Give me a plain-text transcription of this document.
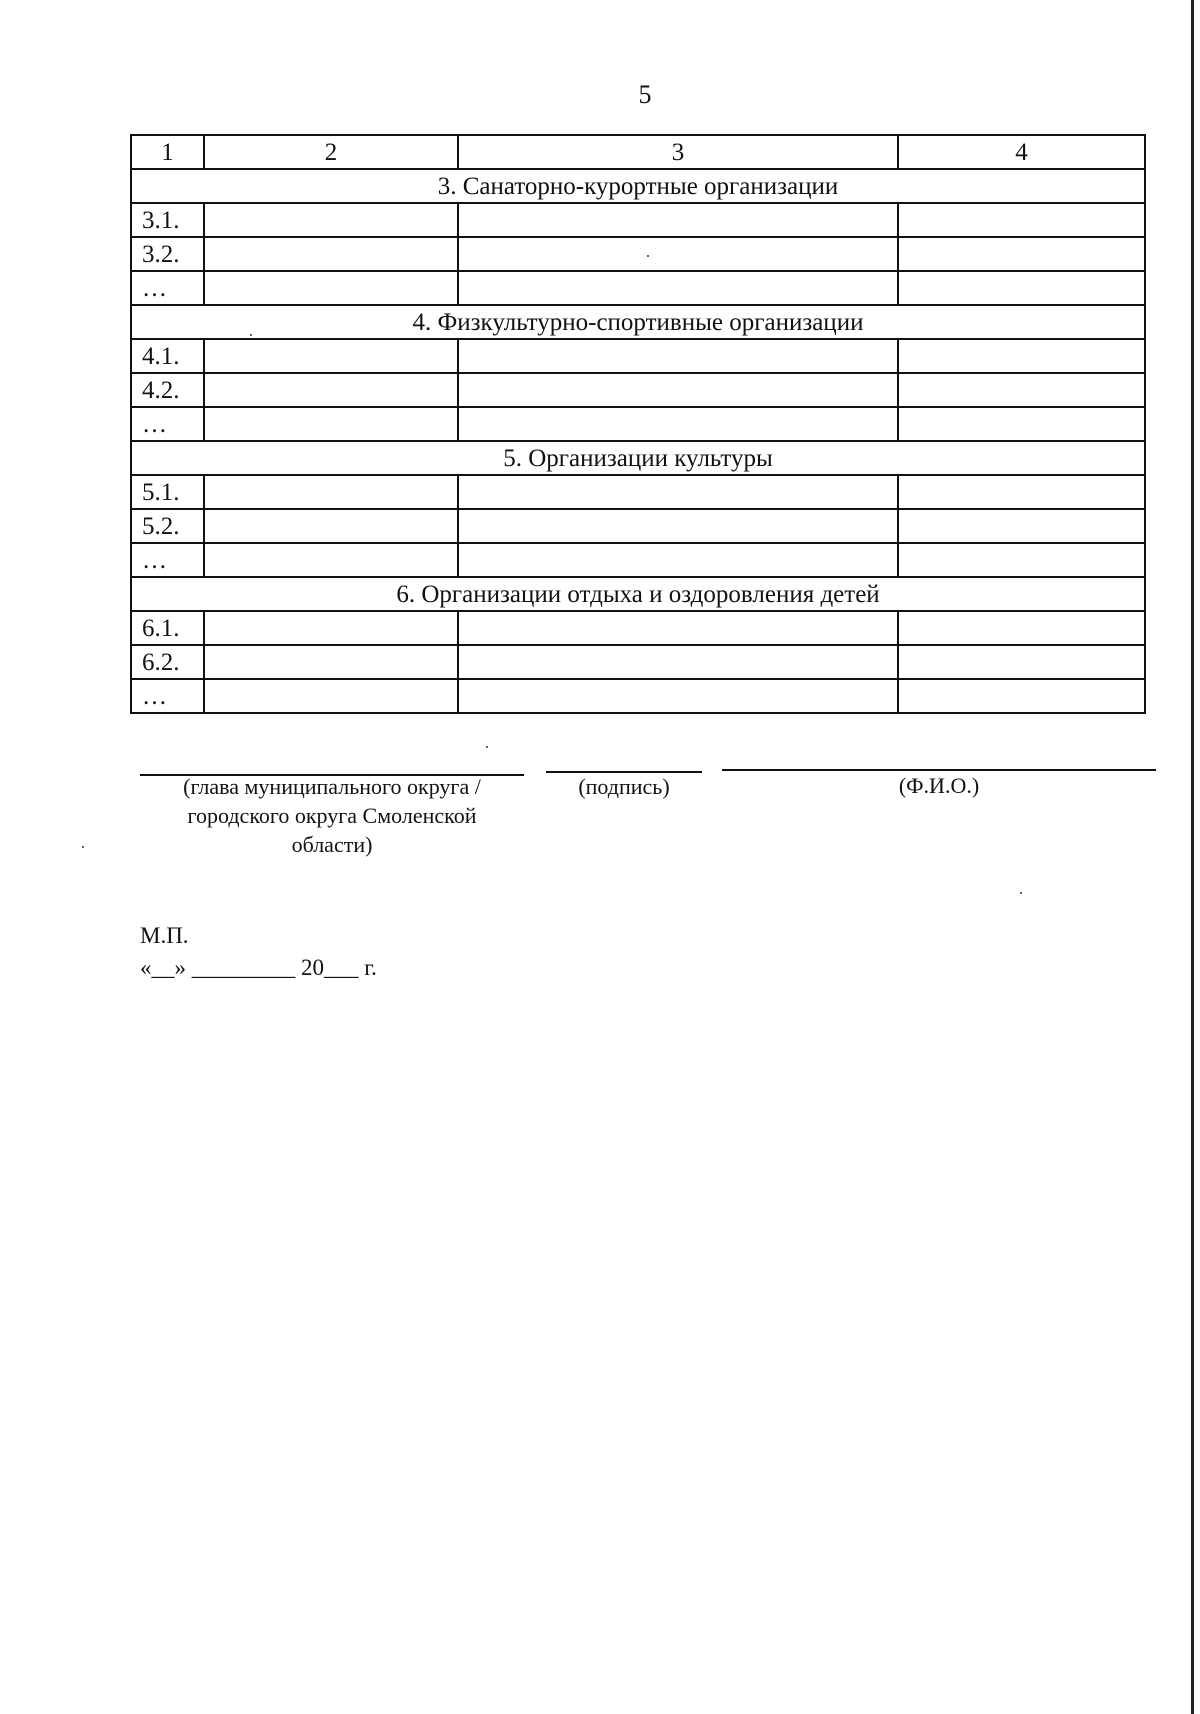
5
1	2	3	4
3. Санаторно-курортные организации			
3.1.			
3.2.			
…			
4. Физкультурно-спортивные организации			
4.1.			
4.2.			
…			
5. Организации культуры			
5.1.			
5.2.			
…			
6. Организации отдыха и оздоровления детей			
6.1.			
6.2.			
…			
(глава муниципального округа / городского округа Смоленской области)
(подпись)	(Ф.И.О.)
М.П.
«__» _________ 20___ г.
